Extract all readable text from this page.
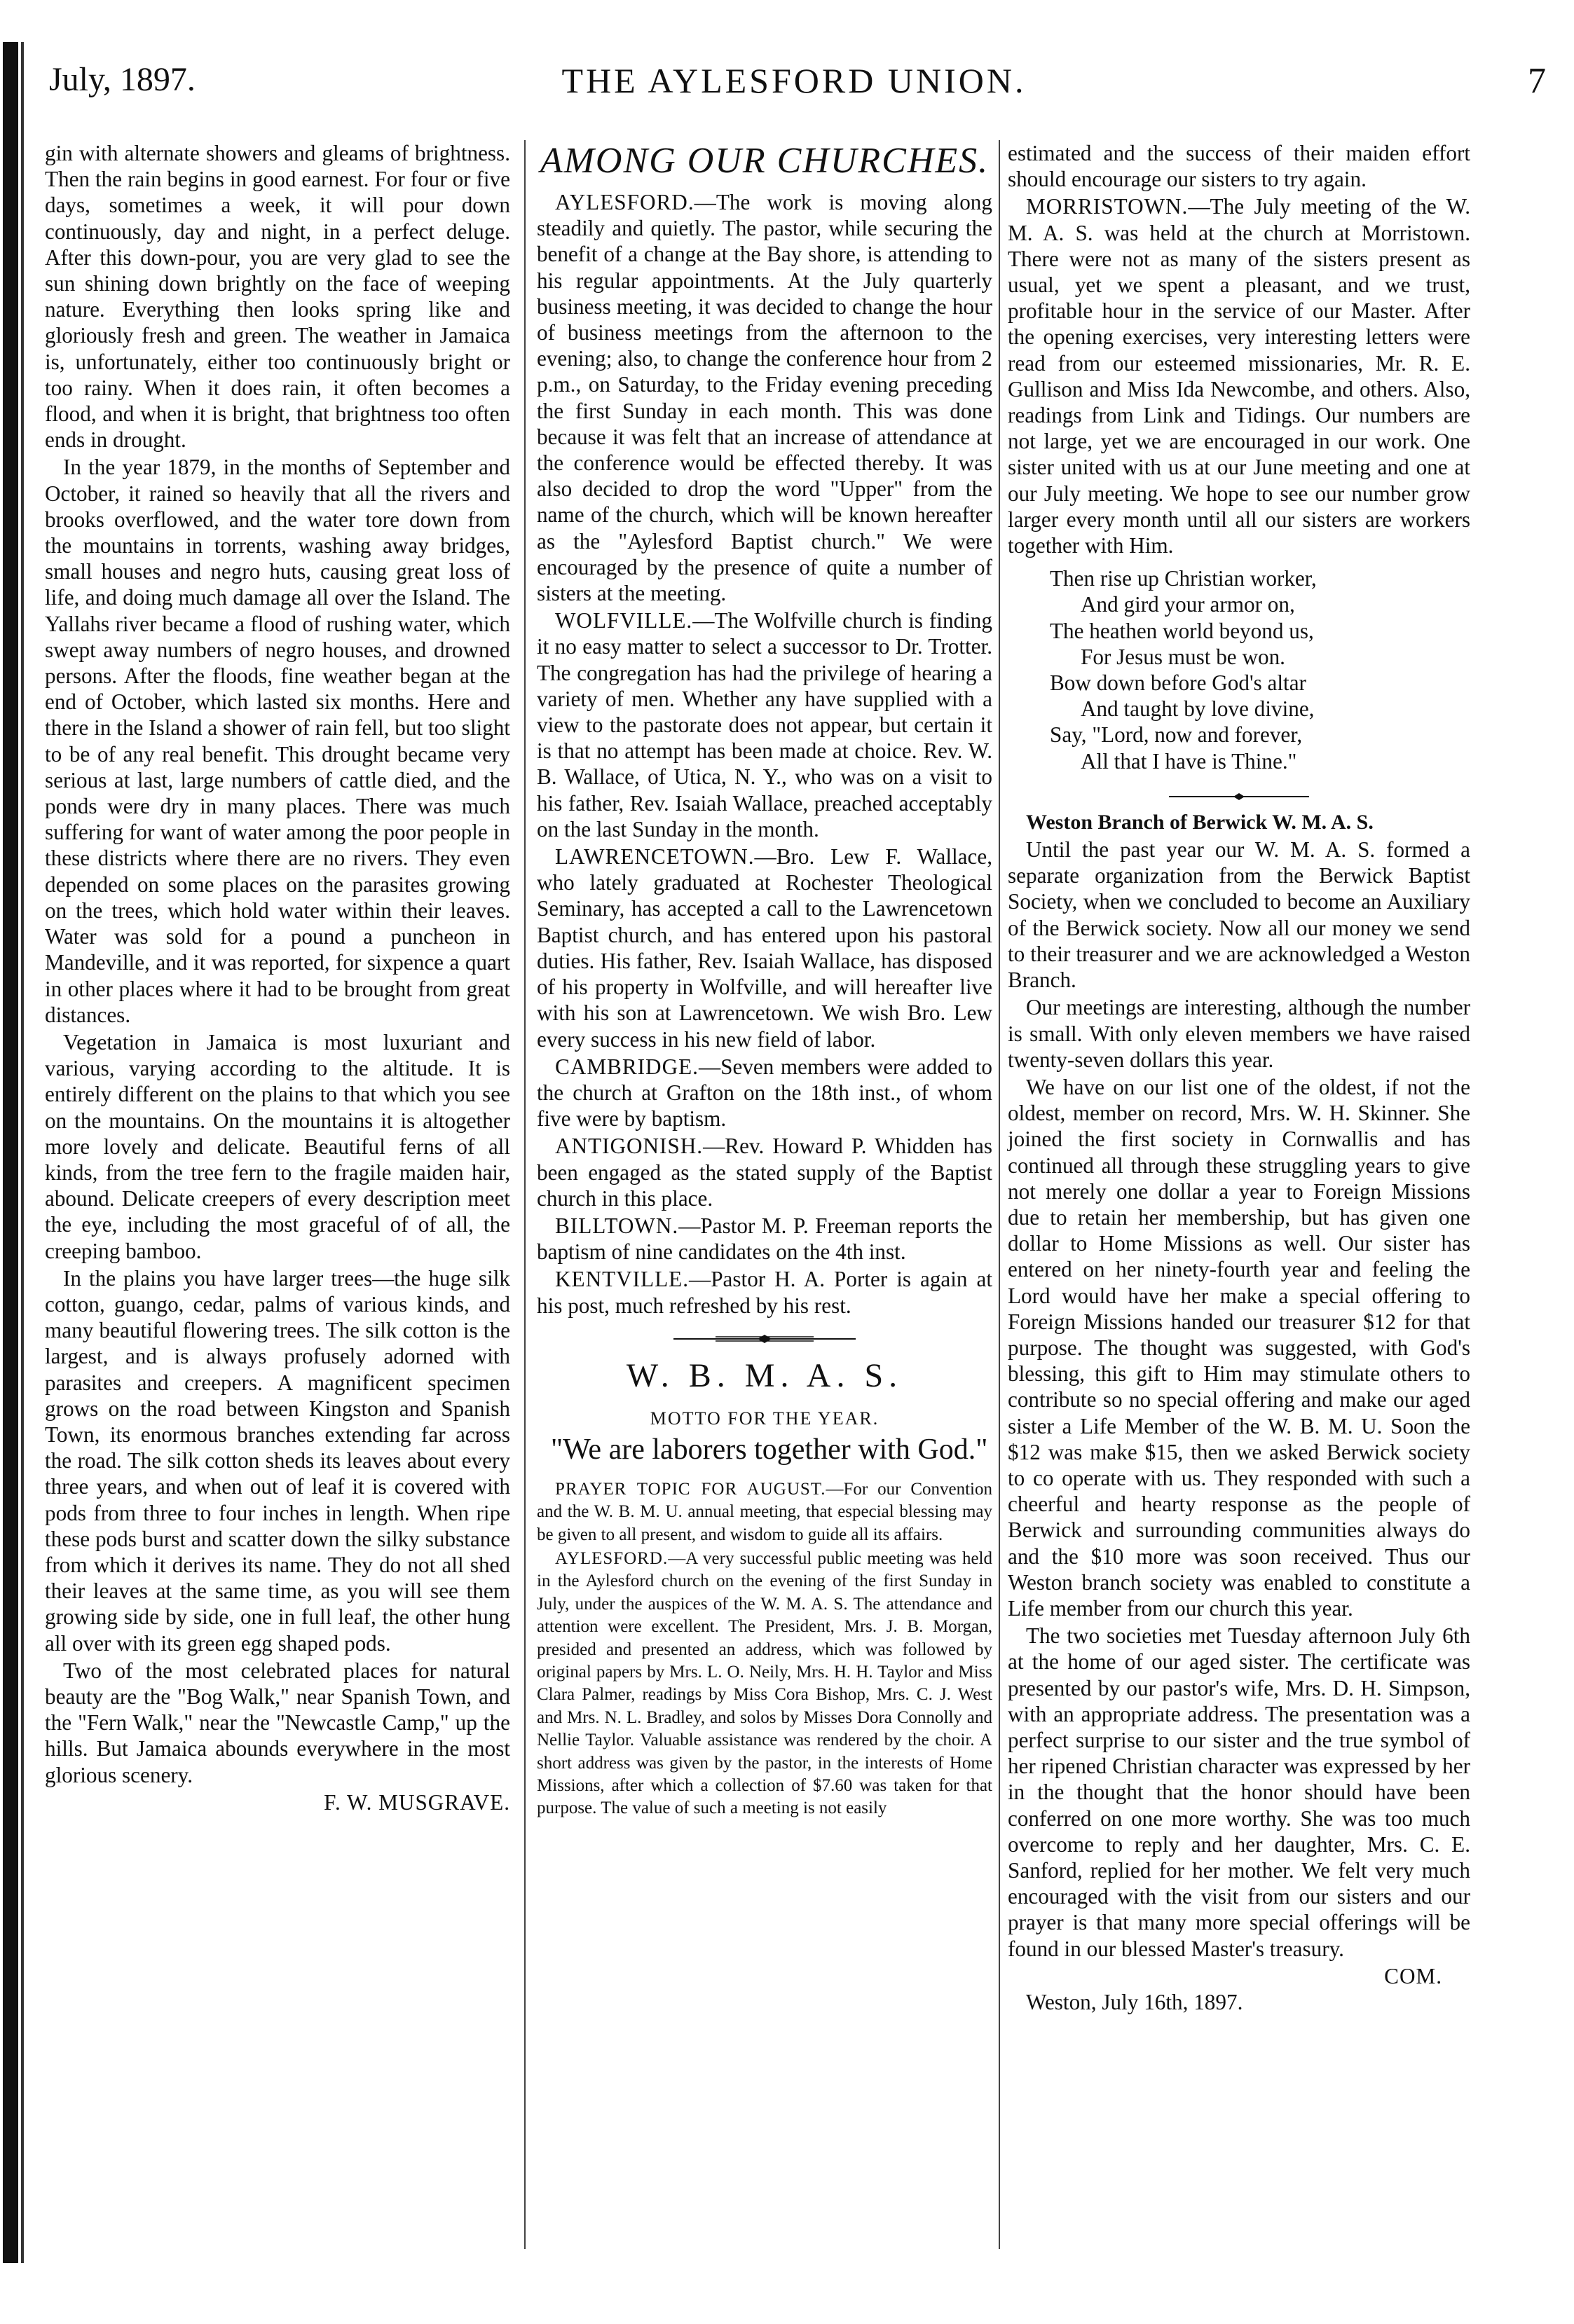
July, 1897.	THE AYLESFORD UNION.	7

gin with alternate showers and gleams of brightness. Then the rain begins in good earnest. For four or five days, sometimes a week, it will pour down continuously, day and night, in a perfect deluge. After this down-pour, you are very glad to see the sun shining down brightly on the face of weeping nature. Everything then looks spring like and gloriously fresh and green. The weather in Jamaica is, unfortunately, either too continuously bright or too rainy. When it does rain, it often becomes a flood, and when it is bright, that brightness too often ends in drought.

In the year 1879, in the months of September and October, it rained so heavily that all the rivers and brooks overflowed, and the water tore down from the mountains in torrents, washing away bridges, small houses and negro huts, causing great loss of life, and doing much damage all over the Island. The Yallahs river became a flood of rushing water, which swept away numbers of negro houses, and drowned persons. After the floods, fine weather began at the end of October, which lasted six months. Here and there in the Island a shower of rain fell, but too slight to be of any real benefit. This drought became very serious at last, large numbers of cattle died, and the ponds were dry in many places. There was much suffering for want of water among the poor people in these districts where there are no rivers. They even depended on some places on the parasites growing on the trees, which hold water within their leaves. Water was sold for a pound a puncheon in Mandeville, and it was reported, for sixpence a quart in other places where it had to be brought from great distances.

Vegetation in Jamaica is most luxuriant and various, varying according to the altitude. It is entirely different on the plains to that which you see on the mountains. On the mountains it is altogether more lovely and delicate. Beautiful ferns of all kinds, from the tree fern to the fragile maiden hair, abound. Delicate creepers of every description meet the eye, including the most graceful of of all, the creeping bamboo.

In the plains you have larger trees—the huge silk cotton, guango, cedar, palms of various kinds, and many beautiful flowering trees. The silk cotton is the largest, and is always profusely adorned with parasites and creepers. A magnificent specimen grows on the road between Kingston and Spanish Town, its enormous branches extending far across the road. The silk cotton sheds its leaves about every three years, and when out of leaf it is covered with pods from three to four inches in length. When ripe these pods burst and scatter down the silky substance from which it derives its name. They do not all shed their leaves at the same time, as you will see them growing side by side, one in full leaf, the other hung all over with its green egg shaped pods.

Two of the most celebrated places for natural beauty are the "Bog Walk," near Spanish Town, and the "Fern Walk," near the "Newcastle Camp," up the hills. But Jamaica abounds everywhere in the most glorious scenery.

F. W. MUSGRAVE.

AMONG OUR CHURCHES.

AYLESFORD.—The work is moving along steadily and quietly. The pastor, while securing the benefit of a change at the Bay shore, is attending to his regular appointments. At the July quarterly business meeting, it was decided to change the hour of business meetings from the afternoon to the evening; also, to change the conference hour from 2 p.m., on Saturday, to the Friday evening preceding the first Sunday in each month. This was done because it was felt that an increase of attendance at the conference would be effected thereby. It was also decided to drop the word "Upper" from the name of the church, which will be known hereafter as the "Aylesford Baptist church." We were encouraged by the presence of quite a number of sisters at the meeting.

WOLFVILLE.—The Wolfville church is finding it no easy matter to select a successor to Dr. Trotter. The congregation has had the privilege of hearing a variety of men. Whether any have supplied with a view to the pastorate does not appear, but certain it is that no attempt has been made at choice. Rev. W. B. Wallace, of Utica, N. Y., who was on a visit to his father, Rev. Isaiah Wallace, preached acceptably on the last Sunday in the month.

LAWRENCETOWN.—Bro. Lew F. Wallace, who lately graduated at Rochester Theological Seminary, has accepted a call to the Lawrencetown Baptist church, and has entered upon his pastoral duties. His father, Rev. Isaiah Wallace, has disposed of his property in Wolfville, and will hereafter live with his son at Lawrencetown. We wish Bro. Lew every success in his new field of labor.

CAMBRIDGE.—Seven members were added to the church at Grafton on the 18th inst., of whom five were by baptism.

ANTIGONISH.—Rev. Howard P. Whidden has been engaged as the stated supply of the Baptist church in this place.

BILLTOWN.—Pastor M. P. Freeman reports the baptism of nine candidates on the 4th inst.

KENTVILLE.—Pastor H. A. Porter is again at his post, much refreshed by his rest.

W. B. M. A. S.
MOTTO FOR THE YEAR.
"We are laborers together with God."

PRAYER TOPIC FOR AUGUST.—For our Convention and the W. B. M. U. annual meeting, that especial blessing may be given to all present, and wisdom to guide all its affairs.

AYLESFORD.—A very successful public meeting was held in the Aylesford church on the evening of the first Sunday in July, under the auspices of the W. M. A. S. The attendance and attention were excellent. The President, Mrs. J. B. Morgan, presided and presented an address, which was followed by original papers by Mrs. L. O. Neily, Mrs. H. H. Taylor and Miss Clara Palmer, readings by Miss Cora Bishop, Mrs. C. J. West and Mrs. N. L. Bradley, and solos by Misses Dora Connolly and Nellie Taylor. Valuable assistance was rendered by the choir. A short address was given by the pastor, in the interests of Home Missions, after which a collection of $7.60 was taken for that purpose. The value of such a meeting is not easily

estimated and the success of their maiden effort should encourage our sisters to try again.

MORRISTOWN.—The July meeting of the W. M. A. S. was held at the church at Morristown. There were not as many of the sisters present as usual, yet we spent a pleasant, and we trust, profitable hour in the service of our Master. After the opening exercises, very interesting letters were read from our esteemed missionaries, Mr. R. E. Gullison and Miss Ida Newcombe, and others. Also, readings from Link and Tidings. Our numbers are not large, yet we are encouraged in our work. One sister united with us at our June meeting and one at our July meeting. We hope to see our number grow larger every month until all our sisters are workers together with Him.

Then rise up Christian worker,
And gird your armor on,
The heathen world beyond us,
For Jesus must be won.
Bow down before God's altar
And taught by love divine,
Say, "Lord, now and forever,
All that I have is Thine."

Weston Branch of Berwick W. M. A. S.

Until the past year our W. M. A. S. formed a separate organization from the Berwick Baptist Society, when we concluded to become an Auxiliary of the Berwick society. Now all our money we send to their treasurer and we are acknowledged a Weston Branch.

Our meetings are interesting, although the number is small. With only eleven members we have raised twenty-seven dollars this year.

We have on our list one of the oldest, if not the oldest, member on record, Mrs. W. H. Skinner. She joined the first society in Cornwallis and has continued all through these struggling years to give not merely one dollar a year to Foreign Missions due to retain her membership, but has given one dollar to Home Missions as well. Our sister has entered on her ninety-fourth year and feeling the Lord would have her make a special offering to Foreign Missions handed our treasurer $12 for that purpose. The thought was suggested, with God's blessing, this gift to Him may stimulate others to contribute so no special offering and make our aged sister a Life Member of the W. B. M. U. Soon the $12 was make $15, then we asked Berwick society to co operate with us. They responded with such a cheerful and hearty response as the people of Berwick and surrounding communities always do and the $10 more was soon received. Thus our Weston branch society was enabled to constitute a Life member from our church this year.

The two societies met Tuesday afternoon July 6th at the home of our aged sister. The certificate was presented by our pastor's wife, Mrs. D. H. Simpson, with an appropriate address. The presentation was a perfect surprise to our sister and the true symbol of her ripened Christian character was expressed by her in the thought that the honor should have been conferred on one more worthy. She was too much overcome to reply and her daughter, Mrs. C. E. Sanford, replied for her mother. We felt very much encouraged with the visit from our sisters and our prayer is that many more special offerings will be found in our blessed Master's treasury.

COM.

Weston, July 16th, 1897.
